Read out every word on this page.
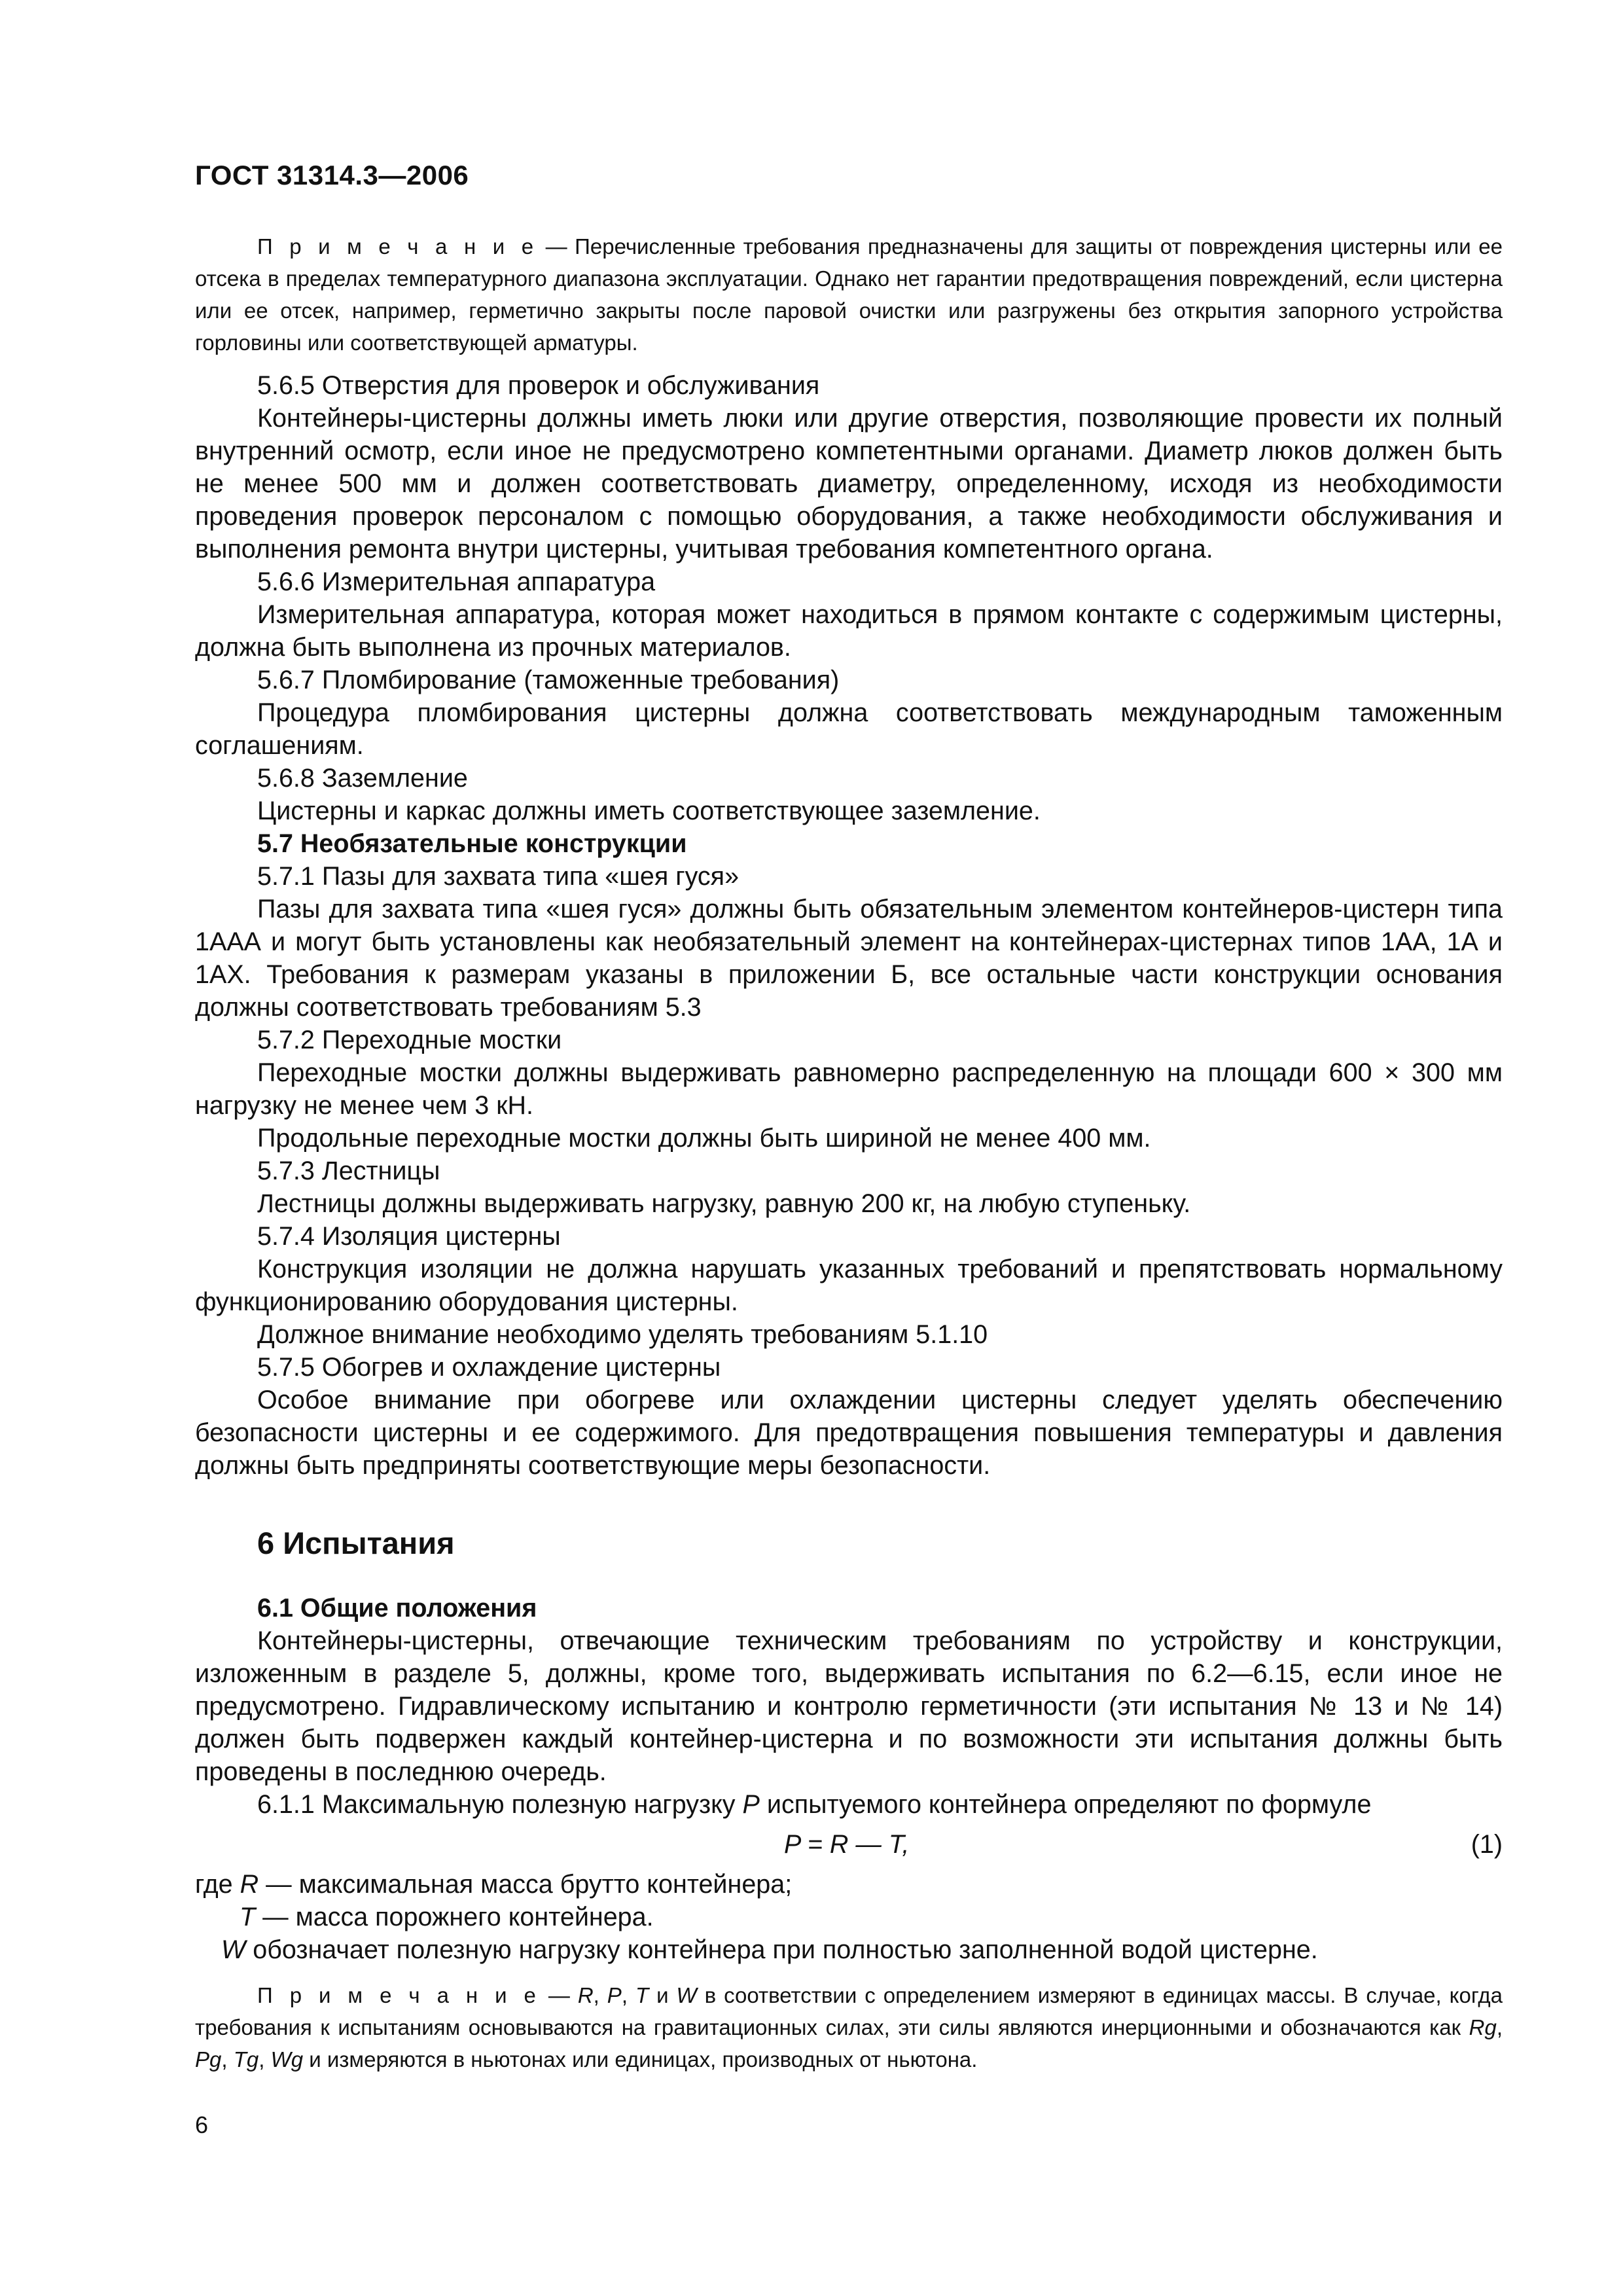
ГОСТ 31314.3—2006

П р и м е ч а н и е — Перечисленные требования предназначены для защиты от повреждения цистерны или ее отсека в пределах температурного диапазона эксплуатации. Однако нет гарантии предотвращения повреждений, если цистерна или ее отсек, например, герметично закрыты после паровой очистки или разгружены без открытия запорного устройства горловины или соответствующей арматуры.

5.6.5 Отверстия для проверок и обслуживания

Контейнеры-цистерны должны иметь люки или другие отверстия, позволяющие провести их полный внутренний осмотр, если иное не предусмотрено компетентными органами. Диаметр люков должен быть не менее 500 мм и должен соответствовать диаметру, определенному, исходя из необходимости проведения проверок персоналом с помощью оборудования, а также необходимости обслуживания и выполнения ремонта внутри цистерны, учитывая требования компетентного органа.

5.6.6 Измерительная аппаратура

Измерительная аппаратура, которая может находиться в прямом контакте с содержимым цистерны, должна быть выполнена из прочных материалов.

5.6.7 Пломбирование (таможенные требования)

Процедура пломбирования цистерны должна соответствовать международным таможенным соглашениям.

5.6.8 Заземление

Цистерны и каркас должны иметь соответствующее заземление.

5.7 Необязательные конструкции

5.7.1 Пазы для захвата типа «шея гуся»

Пазы для захвата типа «шея гуся» должны быть обязательным элементом контейнеров-цистерн типа 1ААА и могут быть установлены как необязательный элемент на контейнерах-цистернах типов 1АА, 1А и 1АХ. Требования к размерам указаны в приложении Б, все остальные части конструкции основания должны соответствовать требованиям 5.3

5.7.2 Переходные мостки

Переходные мостки должны выдерживать равномерно распределенную на площади 600 × 300 мм нагрузку не менее чем 3 кН.

Продольные переходные мостки должны быть шириной не менее 400 мм.

5.7.3 Лестницы

Лестницы должны выдерживать нагрузку, равную 200 кг, на любую ступеньку.

5.7.4 Изоляция цистерны

Конструкция изоляции не должна нарушать указанных требований и препятствовать нормальному функционированию оборудования цистерны.

Должное внимание необходимо уделять требованиям 5.1.10

5.7.5 Обогрев и охлаждение цистерны

Особое внимание при обогреве или охлаждении цистерны следует уделять обеспечению безопасности цистерны и ее содержимого. Для предотвращения повышения температуры и давления должны быть предприняты соответствующие меры безопасности.

6 Испытания

6.1 Общие положения

Контейнеры-цистерны, отвечающие техническим требованиям по устройству и конструкции, изложенным в разделе 5, должны, кроме того, выдерживать испытания по 6.2—6.15, если иное не предусмотрено. Гидравлическому испытанию и контролю герметичности (эти испытания № 13 и № 14) должен быть подвержен каждый контейнер-цистерна и по возможности эти испытания должны быть проведены в последнюю очередь.

6.1.1 Максимальную полезную нагрузку P испытуемого контейнера определяют по формуле

P = R — T,	(1)

где R — максимальная масса брутто контейнера;

T — масса порожнего контейнера.

W обозначает полезную нагрузку контейнера при полностью заполненной водой цистерне.

П р и м е ч а н и е — R, P, T и W в соответствии с определением измеряют в единицах массы. В случае, когда требования к испытаниям основываются на гравитационных силах, эти силы являются инерционными и обозначаются как Rg, Pg, Tg, Wg и измеряются в ньютонах или единицах, производных от ньютона.

6
